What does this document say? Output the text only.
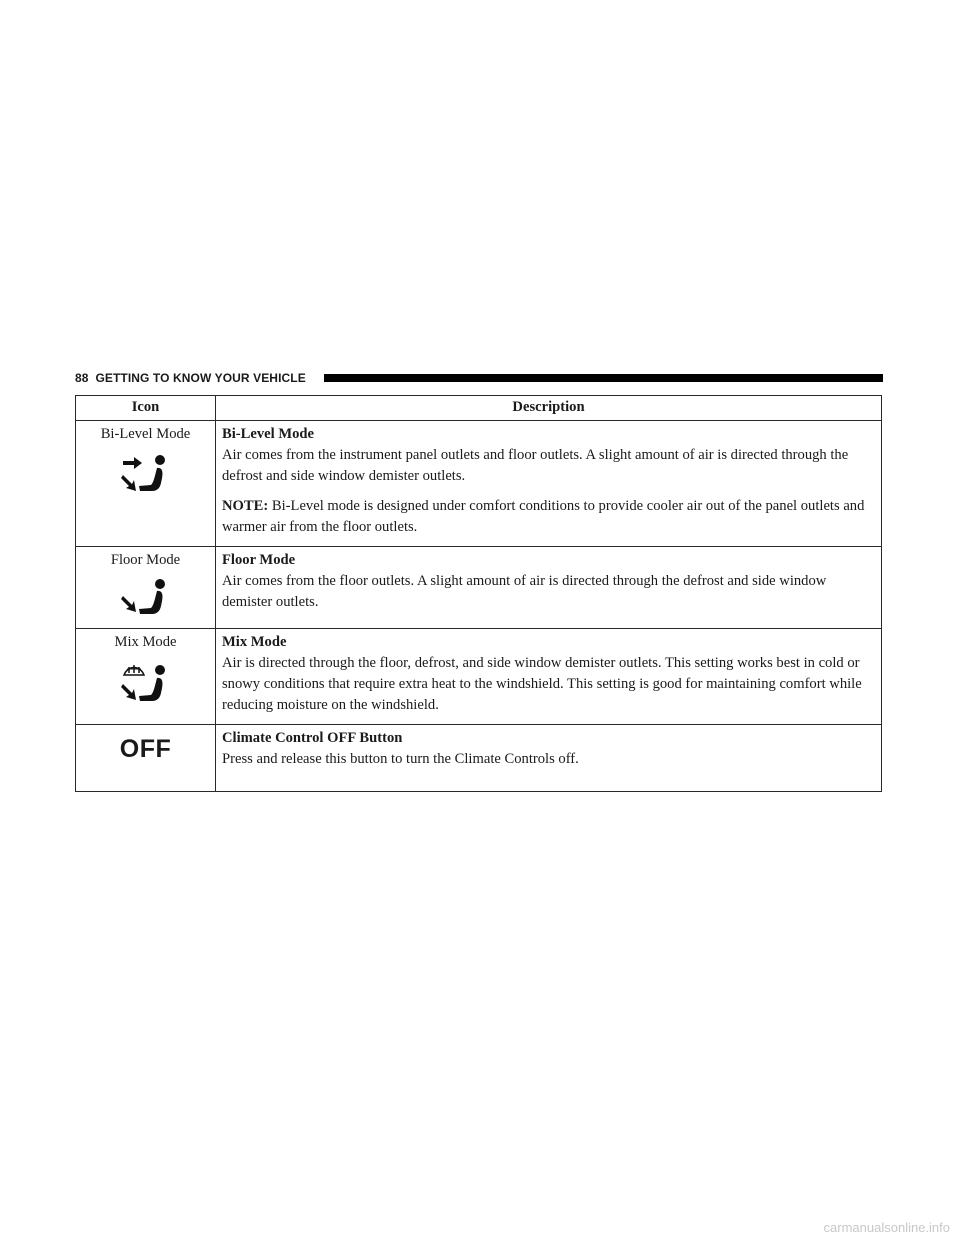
88 GETTING TO KNOW YOUR VEHICLE
Icon	Description
Bi-Level Mode	Bi-Level Mode

Air comes from the instrument panel outlets and floor outlets. A slight amount of air is directed through the defrost and side window demister outlets.

NOTE: Bi-Level mode is designed under comfort conditions to provide cooler air out of the panel outlets and warmer air from the floor outlets.

Floor Mode	Floor Mode

Air comes from the floor outlets. A slight amount of air is directed through the defrost and side window demister outlets.

Mix Mode	Mix Mode

Air is directed through the floor, defrost, and side window demister outlets. This setting works best in cold or snowy conditions that require extra heat to the windshield. This setting is good for maintaining comfort while reducing moisture on the windshield.

OFF	Climate Control OFF Button

Press and release this button to turn the Climate Controls off.

carmanualsonline.info
